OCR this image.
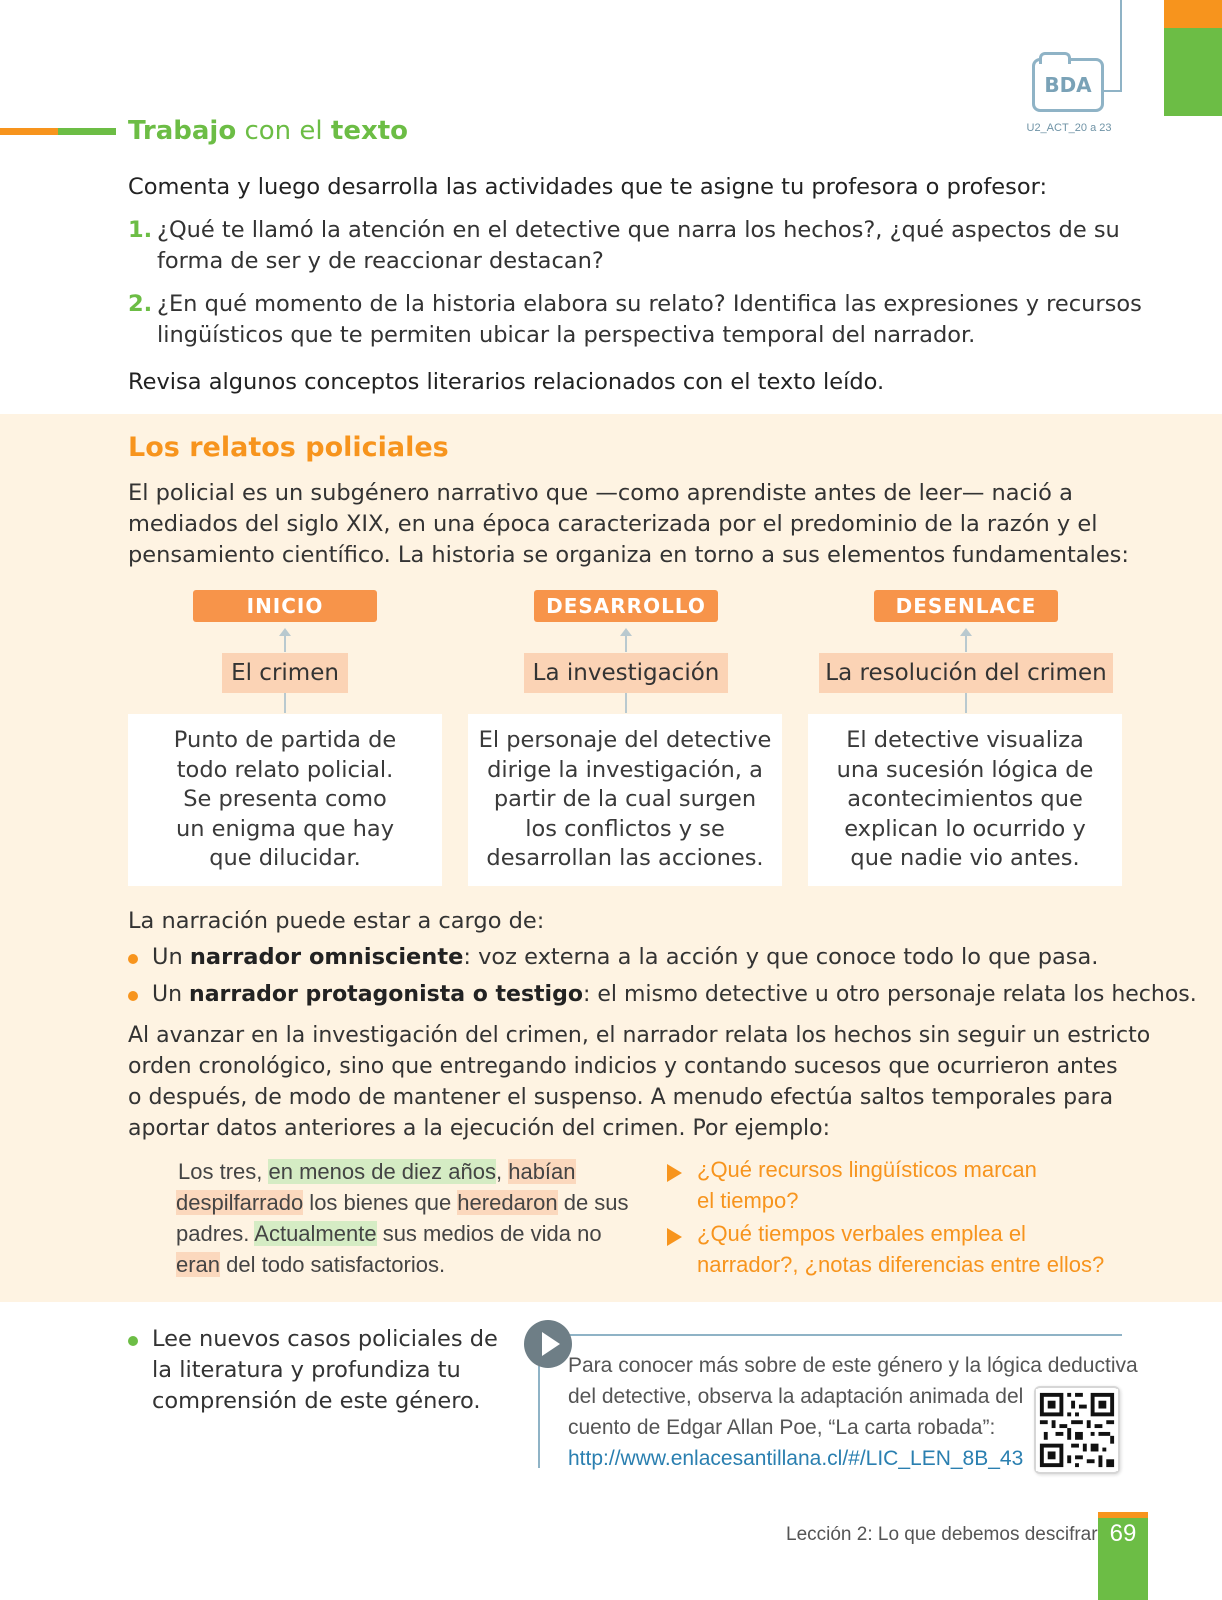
BDA
U2_ACT_20 a 23
Trabajo con el texto
Comenta y luego desarrolla las actividades que te asigne tu profesora o profesor:
1. ¿Qué te llamó la atención en el detective que narra los hechos?, ¿qué aspectos de su
forma de ser y de reaccionar destacan?
2. ¿En qué momento de la historia elabora su relato? Identifica las expresiones y recursos
lingüísticos que te permiten ubicar la perspectiva temporal del narrador.
Revisa algunos conceptos literarios relacionados con el texto leído.
Los relatos policiales
El policial es un subgénero narrativo que —como aprendiste antes de leer— nació a
mediados del siglo XIX, en una época caracterizada por el predominio de la razón y el
pensamiento científico. La historia se organiza en torno a sus elementos fundamentales:
INICIO
El crimen
Punto de partida de
todo relato policial.
Se presenta como
un enigma que hay
que dilucidar.
DESARROLLO
La investigación
El personaje del detective
dirige la investigación, a
partir de la cual surgen
los conflictos y se
desarrollan las acciones.
DESENLACE
La resolución del crimen
El detective visualiza
una sucesión lógica de
acontecimientos que
explican lo ocurrido y
que nadie vio antes.
La narración puede estar a cargo de:
Un narrador omnisciente: voz externa a la acción y que conoce todo lo que pasa.
Un narrador protagonista o testigo: el mismo detective u otro personaje relata los hechos.
Al avanzar en la investigación del crimen, el narrador relata los hechos sin seguir un estricto
orden cronológico, sino que entregando indicios y contando sucesos que ocurrieron antes
o después, de modo de mantener el suspenso. A menudo efectúa saltos temporales para
aportar datos anteriores a la ejecución del crimen. Por ejemplo:
Los tres, en menos de diez años, habían
despilfarrado los bienes que heredaron de sus
padres. Actualmente sus medios de vida no
eran del todo satisfactorios.
¿Qué recursos lingüísticos marcan
el tiempo?
¿Qué tiempos verbales emplea el
narrador?, ¿notas diferencias entre ellos?
Lee nuevos casos policiales de
la literatura y profundiza tu
comprensión de este género.
Para conocer más sobre de este género y la lógica deductiva
del detective, observa la adaptación animada del
cuento de Edgar Allan Poe, “La carta robada”:
http://www.enlacesantillana.cl/#/LIC_LEN_8B_43
Lección 2: Lo que debemos descifrar 69
